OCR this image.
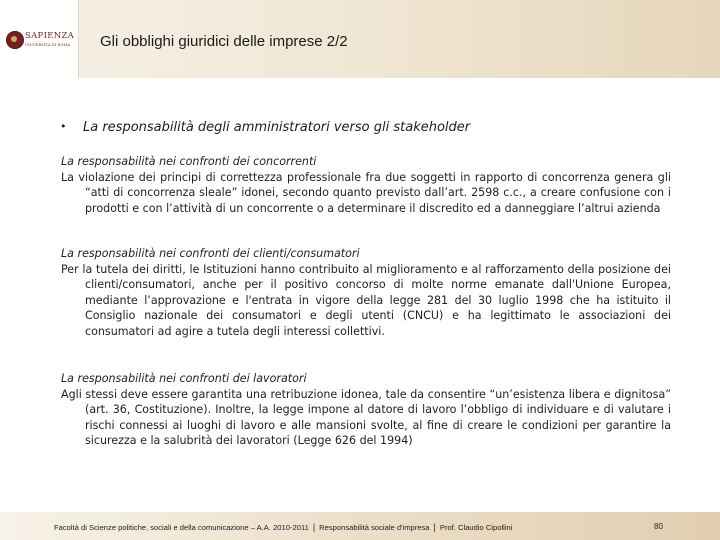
SAPIENZA
UNIVERSITÀ DI ROMA Gli obblighi giuridici delle imprese 2/2
• La responsabilità degli amministratori verso gli stakeholder
La responsabilità nei confronti dei concorrenti
La violazione dei principi di correttezza professionale fra due soggetti in rapporto di concorrenza genera gli “atti di concorrenza sleale” idonei, secondo quanto previsto dall’art. 2598 c.c., a creare confusione con i prodotti e con l’attività di un concorrente o a determinare il discredito ed a danneggiare l’altrui azienda
La responsabilità nei confronti dei clienti/consumatori
Per la tutela dei diritti, le Istituzioni hanno contribuito al miglioramento e al rafforzamento della posizione dei clienti/consumatori, anche per il positivo concorso di molte norme emanate dall'Unione Europea, mediante l’approvazione e l'entrata in vigore della legge 281 del 30 luglio 1998 che ha istituito il Consiglio nazionale dei consumatori e degli utenti (CNCU) e ha legittimato le associazioni dei consumatori ad agire a tutela degli interessi collettivi.
La responsabilità nei confronti dei lavoratori
Agli stessi deve essere garantita una retribuzione idonea, tale da consentire “un’esistenza libera e dignitosa” (art. 36, Costituzione). Inoltre, la legge impone al datore di lavoro l’obbligo di individuare e di valutare i rischi connessi ai luoghi di lavoro e alle mansioni svolte, al fine di creare le condizioni per garantire la sicurezza e la salubrità dei lavoratori (Legge 626 del 1994)
Facoltà di Scienze politiche, sociali e della comunicazione – A.A. 2010-2011 | Responsabilità sociale d'impresa | Prof. Claudio Cipollini	80
